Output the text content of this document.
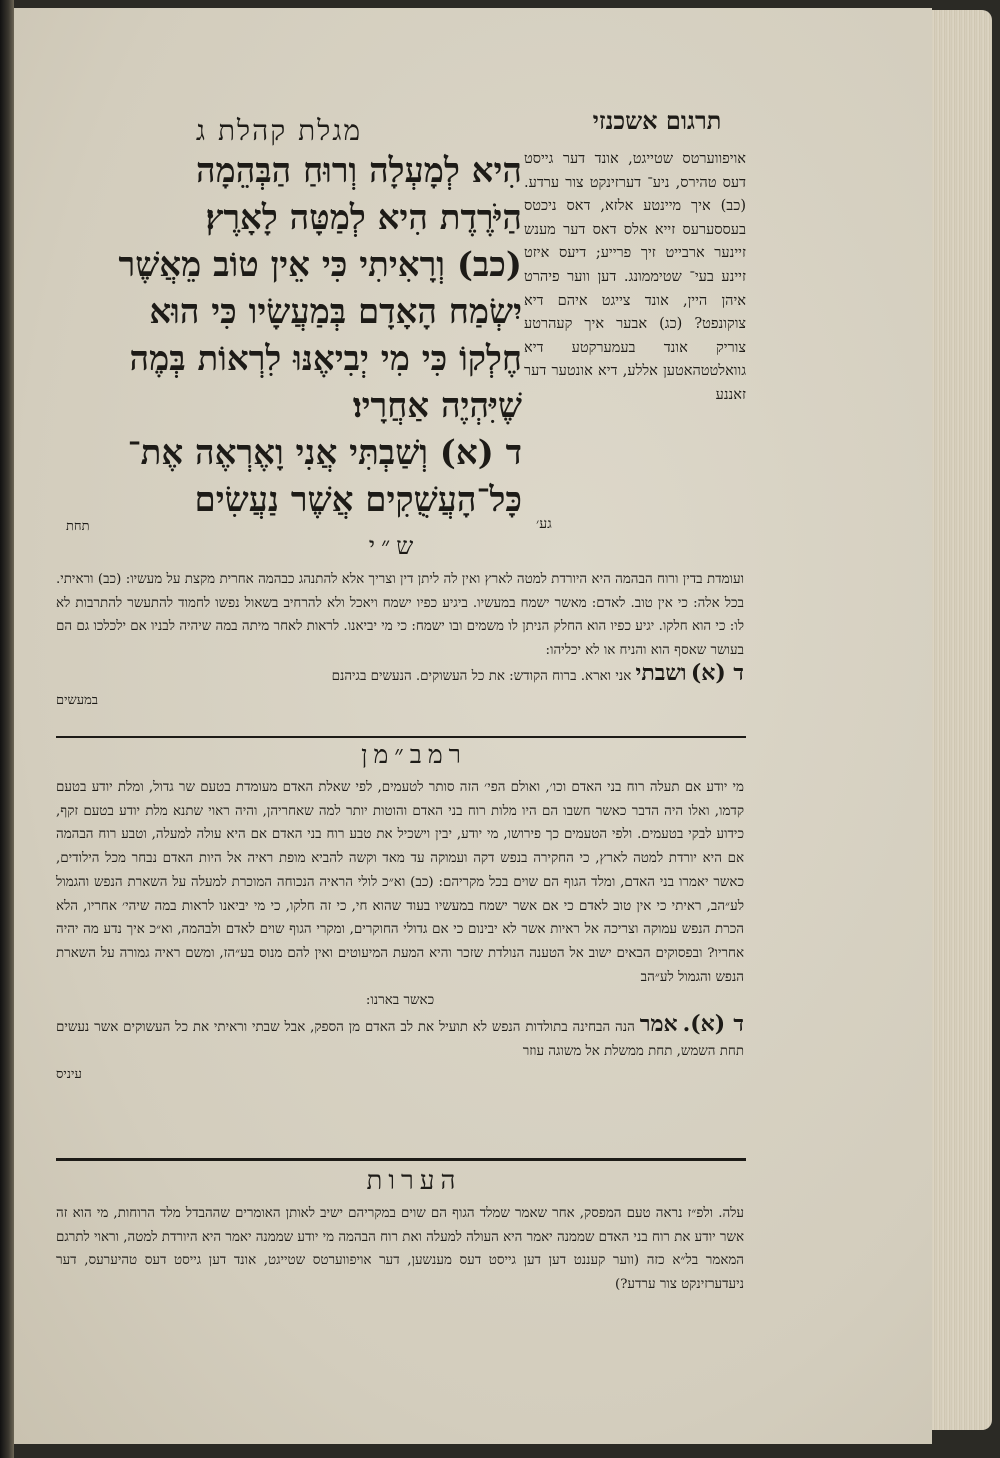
תרגום אשכנזי
מגלת קהלת ג
הִיא לְמָעְלָה וְרוּחַ הַבְּהֵמָה
הַיֹּרֶדֶת הִיא לְמַטָּה לָאָרֶץ׃
(כב) וְרָאִיתִי כִּי אֵין טוֹב מֵאֲשֶׁר
יִשְׂמַח הָאָדָם בְּמַעֲשָׂיו כִּי הוּא
חֶלְקוֹ כִּי מִי יְבִיאֶנּוּ לִרְאוֹת בְּמֶה
שֶׁיִּהְיֶה אַחֲרָיו׃
ד (א) וְשַׁבְתִּי אֲנִי וָאֶרְאֶה אֶת־
כָּל־הָעֲשֻׁקִים אֲשֶׁר נַעֲשִׂים
אויפווערטס שטייגט, אונד דער גייסט דעס טהירס, ניע־ דערזינקט צור ערדע. (כב) איך מיינטע אלזא, דאס ניכטס בעססערעס זייא אלס דאס דער מענש זיינער ארבייט זיך פרייע; דיעס איזט זיינע בעי־ שטיממונג. דען ווער פיהרט איהן היין, אונד צייגט איהם דיא צוקונפט? (כג) אבער איך קעהרטע צוריק אונד בעמערקטע דיא גוואלטטהאטען אללע, דיא אונטער דער זאננע
תחת	גע׳
ש״י
ועומדת בדין ורוח הבהמה היא היורדת למטה לארץ ואין לה ליתן דין וצריך אלא להתנהג כבהמה אחרית מקצת על מעשיו: (כב) וראיתי. בכל אלה: כי אין טוב. לאדם: מאשר ישמח במעשיו. ביגיע כפיו ישמח ויאכל ולא להרחיב בשאול נפשו לחמוד להתעשר להתרבות לא לו: כי הוא חלקו. יגיע כפיו הוא החלק הניתן לו משמים ובו ישמח: כי מי יביאנו. לראות לאחר מיתה במה שיהיה לבניו אם ילכלכו גם הם בעושר שאסף הוא והניח או לא יכליהו:
ד (א) ושבתי אני וארא. ברוח הקודש: את כל העשוקים. הנעשים בגיהנם
במעשים
רמב״מן
מי יודע אם תעלה רוח בני האדם וכו׳, ואולם הפי׳ הזה סותר לטעמים, לפי שאלת האדם מעומדת בטעם שר גדול, ומלת יודע בטעם קדמו, ואלו היה הדבר כאשר חשבו הם היו מלות רוח בני האדם והוטות יותר למה שאחריהן, והיה ראוי שתנא מלת יודע בטעם זקף, כידוע לבקי בטעמים. ולפי הטעמים כך פירושו, מי יודע, יבין וישכיל את טבע רוח בני האדם אם היא עולה למעלה, וטבע רוח הבהמה אם היא יורדת למטה לארץ, כי החקירה בנפש דקה ועמוקה עד מאד וקשה להביא מופת ראיה אל היות האדם נבחר מכל הילודים, כאשר יאמרו בני האדם, ומלד הגוף הם שוים בכל מקריהם: (כב) וא״כ לולי הראיה הנכוחה המוכרת למעלה על השארת הנפש והגמול לע״הב, ראיתי כי אין טוב לאדם כי אם אשר ישמח במעשיו בעוד שהוא חי, כי זה חלקו, כי מי יביאנו לראות במה שיהי׳ אחריו, הלא הכרת הנפש עמוקה וצריכה אל ראיות אשר לא יבינום כי אם גדולי החוקרים, ומקרי הגוף שוים לאדם ולבהמה, וא״כ איך נדע מה יהיה אחריו? ובפסוקים הבאים ישוב אל הטענה הנולדת שזכר והיא המעת המיעוטים ואין להם מנוס בע״הז, ומשם ראיה גמורה על השארת הנפש והגמול לע״הב
כאשר בארנו:
ד (א). אמר הנה הבחינה בתולדות הנפש לא תועיל את לב האדם מן הספק, אבל שבתי וראיתי את כל העשוקים אשר נעשים תחת השמש, תחת ממשלת אל משוגה עוזר
עיניס
הערות
עלה. ולפ״ז נראה טעם המפסק, אחר שאמר שמלד הגוף הם שוים במקריהם ישיב לאותן האומרים שההבדל מלד הרוחות, מי הוא זה אשר יודע את רוח בני האדם שממנה יאמר היא העולה למעלה ואת רוח הבהמה מי יודע שממנה יאמר היא היורדת למטה, וראוי לתרגם המאמר בל״א כזה (ווער קעננט דען דען גייסט דעס מענשען, דער אויפווערטס שטייגט, אונד דען גייסט דעס טהיערעס, דער ניעדערזינקט צור ערדע?)
